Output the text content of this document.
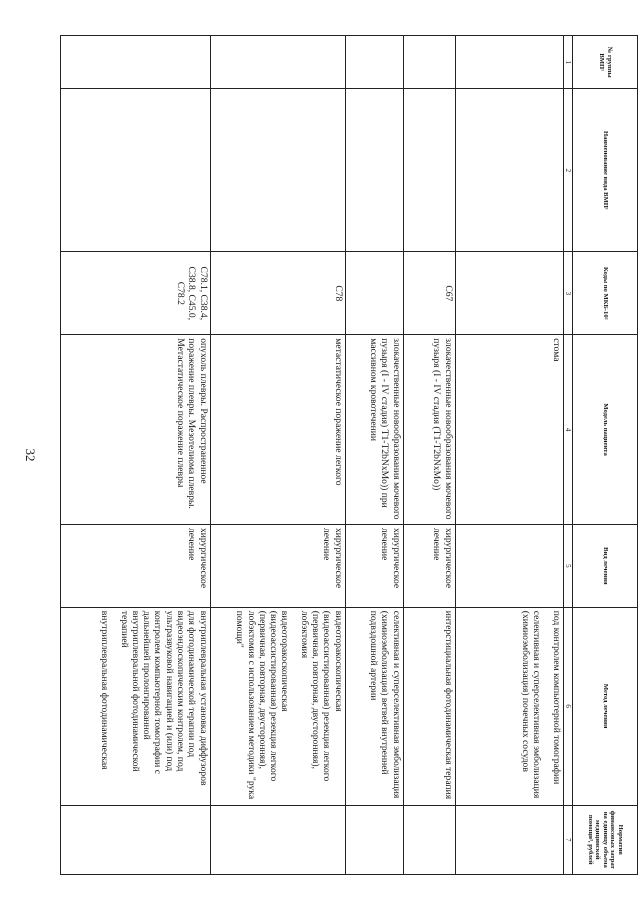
32
№ группы ВМП¹	Наименование вида ВМП¹	Коды по МКБ-10²	Модель пациента	Вид лечения	Метод лечения	Норматив финансовых затрат на единицу объема медицинской помощи³, рублей
1	2	3	4	5	6	7
			стома		под контролем компьютерной томографии

селективная и суперселективная эмболизация (химиоэмболизация) почечных сосудов	

		C67	злокачественные новообразования мочевого пузыря (I - IV стадия (T1-T2bNxMo))	хирургическое лечение	интерстициальная фотодинамическая терапия	

			злокачественные новообразования мочевого пузыря (I - IV стадия) T1-T2bNxMo)) при массивном кровотечении	хирургическое лечение	селективная и суперселективная эмболизация (химиоэмболизация) ветвей внутренней подвздошной артерии	

		C78	метастатическое поражение легкого	хирургическое лечение	видеоторакоскопическая (видеоассистированная) резекция легкого (первичная, повторная, двусторонняя), лобэктомия

видеоторакоскопическая (видеоассистированная) резекция легкого (первичная, повторная, двусторонняя), лобэктомия с использованием методики "рука помощи"	

		C78.1, C38.4, C38.8, C45.0, C78.2	опухоль плевры. Распространенное поражение плевры. Мезотелиома плевры. Метастатическое поражение плевры	хирургическое лечение	внутриплевральная установка диффузоров для фотодинамической терапии под видеоэндоскопическим контролем, под ультразвуковой навигацией и (или) под контролем компьютерной томографии с дальнейшей пролонгированной внутриплевральной фотодинамической терапией

внутриплевральная фотодинамическая	
